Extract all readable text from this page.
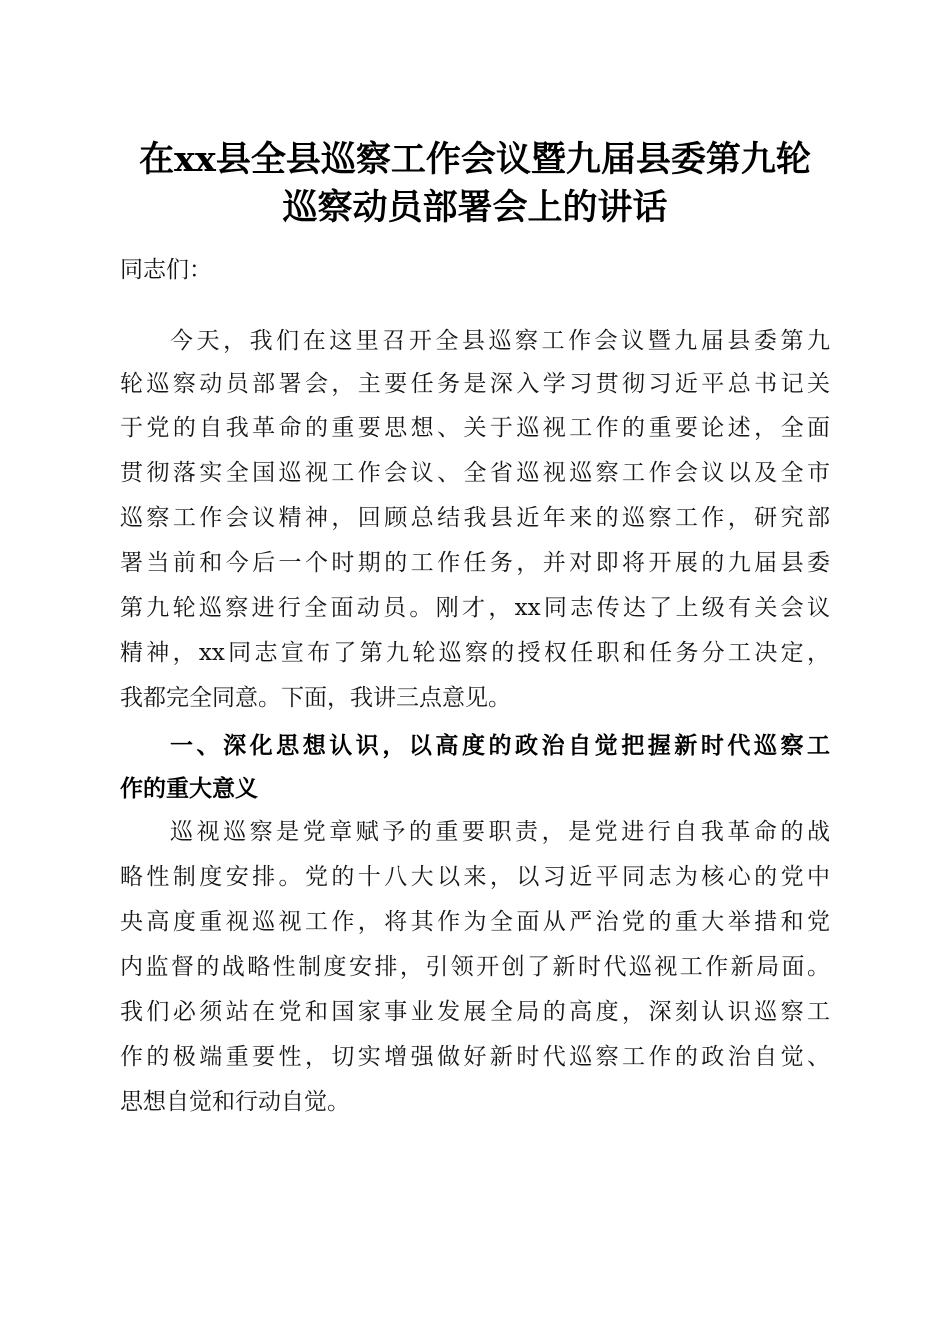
在xx县全县巡察工作会议暨九届县委第九轮
巡察动员部署会上的讲话
同志们：
今天，我们在这里召开全县巡察工作会议暨九届县委第九
轮巡察动员部署会，主要任务是深入学习贯彻习近平总书记关
于党的自我革命的重要思想、关于巡视工作的重要论述，全面
贯彻落实全国巡视工作会议、全省巡视巡察工作会议以及全市
巡察工作会议精神，回顾总结我县近年来的巡察工作，研究部
署当前和今后一个时期的工作任务，并对即将开展的九届县委
第九轮巡察进行全面动员。刚才，xx同志传达了上级有关会议
精神，xx同志宣布了第九轮巡察的授权任职和任务分工决定，
我都完全同意。下面，我讲三点意见。
一、深化思想认识，以高度的政治自觉把握新时代巡察工
作的重大意义
巡视巡察是党章赋予的重要职责，是党进行自我革命的战
略性制度安排。党的十八大以来，以习近平同志为核心的党中
央高度重视巡视工作，将其作为全面从严治党的重大举措和党
内监督的战略性制度安排，引领开创了新时代巡视工作新局面。
我们必须站在党和国家事业发展全局的高度，深刻认识巡察工
作的极端重要性，切实增强做好新时代巡察工作的政治自觉、
思想自觉和行动自觉。
